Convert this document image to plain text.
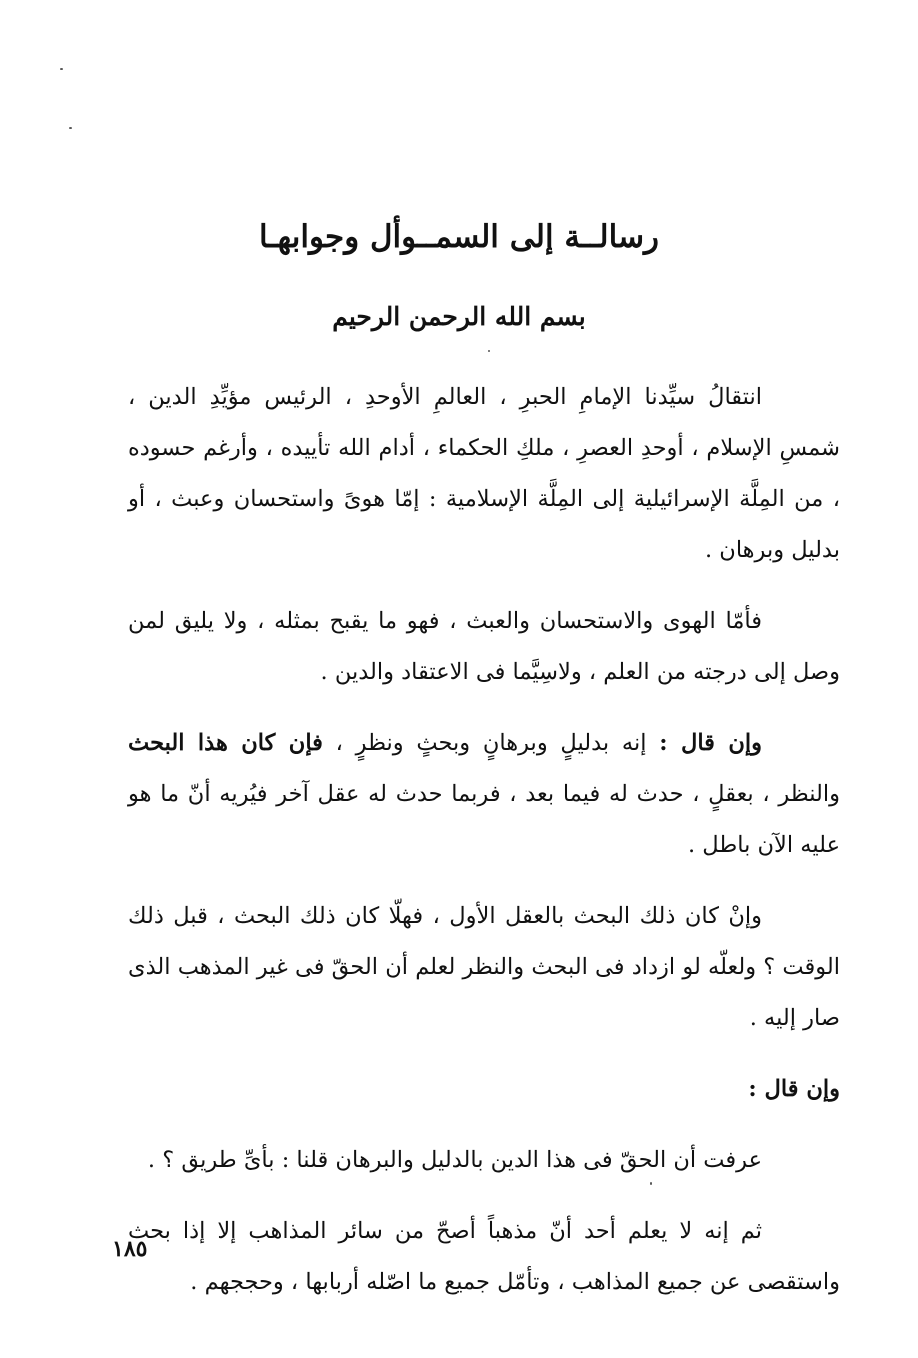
رسالــة إلى السمــوأل وجوابهـا
بسم الله الرحمن الرحيم

انتقالُ سيِّدنا الإمامِ الحبرِ ، العالمِ الأوحدِ ، الرئيس مؤيِّدِ الدين ، شمسِ الإسلام ، أوحدِ العصرِ ، ملكِ الحكماء ، أدام الله تأييده ، وأرغم حسوده ، من المِلَّة الإسرائيلية إلى المِلَّة الإسلامية : إمّا هوىً واستحسان وعبث ، أو بدليل وبرهان .

فأمّا الهوى والاستحسان والعبث ، فهو ما يقبح بمثله ، ولا يليق لمن وصل إلى درجته من العلم ، ولاسِيَّما فى الاعتقاد والدين .

وإن قال : إنه بدليلٍ وبرهانٍ وبحثٍ ونظرٍ ، فإن كان هذا البحث والنظر ، بعقلٍ ، حدث له فيما بعد ، فربما حدث له عقل آخر فيُريه أنّ ما هو عليه الآن باطل .

وإنْ كان ذلك البحث بالعقل الأول ، فهلّا كان ذلك البحث ، قبل ذلك الوقت ؟ ولعلّه لو ازداد فى البحث والنظر لعلم أن الحقّ فى غير المذهب الذى صار إليه .

وإن قال :

عرفت أن الحقّ فى هذا الدين بالدليل والبرهان قلنا : بأىِّ طريق ؟ .

ثم إنه لا يعلم أحد أنّ مذهباً أصحّ من سائر المذاهب إلا إذا بحث واستقصى عن جميع المذاهب ، وتأمّل جميع ما اصّله أربابها ، وحججهم .

١٨٥
